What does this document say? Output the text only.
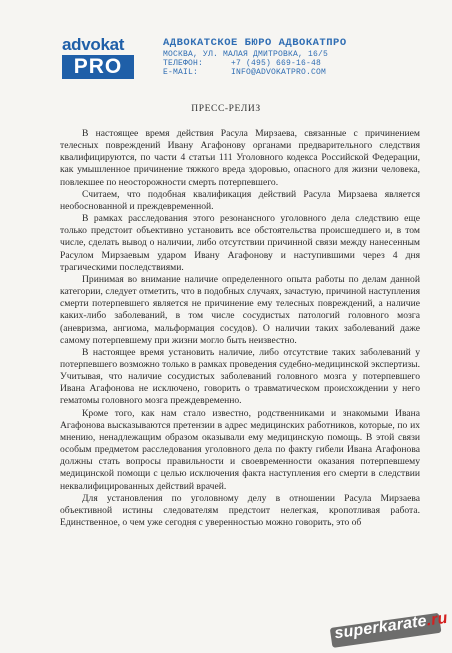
advokat
PRO
АДВОКАТСКОЕ БЮРО АДВОКАТПРО
МОСКВА, УЛ. МАЛАЯ ДМИТРОВКА, 16/5
ТЕЛЕФОН:	+7 (495) 669-16-48
E-MAIL:	INFO@ADVOKATPRO.COM
ПРЕСС-РЕЛИЗ

В настоящее время действия Расула Мирзаева, связанные с причинением телесных повреждений Ивану Агафонову органами предварительного следствия квалифицируются, по части 4 статьи 111 Уголовного кодекса Российской Федерации, как умышленное причинение тяжкого вреда здоровью, опасного для жизни человека, повлекшее по неосторожности смерть потерпевшего.

Считаем, что подобная квалификация действий Расула Мирзаева является необоснованной и преждевременной.

В рамках расследования этого резонансного уголовного дела следствию еще только предстоит объективно установить все обстоятельства происшедшего и, в том числе, сделать вывод о наличии, либо отсутствии причинной связи между нанесенным Расулом Мирзаевым ударом Ивану Агафонову и наступившими через 4 дня трагическими последствиями.

Принимая во внимание наличие определенного опыта работы по делам данной категории, следует отметить, что в подобных случаях, зачастую, причиной наступления смерти потерпевшего является не причинение ему телесных повреждений, а наличие каких-либо заболеваний, в том числе сосудистых патологий головного мозга (аневризма, ангиома, мальформация сосудов). О наличии таких заболеваний даже самому потерпевшему при жизни могло быть неизвестно.

В настоящее время установить наличие, либо отсутствие таких заболеваний у потерпевшего возможно только в рамках проведения судебно-медицинской экспертизы. Учитывая, что наличие сосудистых заболеваний головного мозга у потерпевшего Ивана Агафонова не исключено, говорить о травматическом происхождении у него гематомы головного мозга преждевременно.

Кроме того, как нам стало известно, родственниками и знакомыми Ивана Агафонова высказываются претензии в адрес медицинских работников, которые, по их мнению, ненадлежащим образом оказывали ему медицинскую помощь. В этой связи особым предметом расследования уголовного дела по факту гибели Ивана Агафонова должны стать вопросы правильности и своевременности оказания потерпевшему медицинской помощи с целью исключения факта наступления его смерти в следствии неквалифицированных действий врачей.

Для установления по уголовному делу в отношении Расула Мирзаева объективной истины следователям предстоит нелегкая, кропотливая работа. Единственное, о чем уже сегодня с уверенностью можно говорить, это об

superkarate.ru
